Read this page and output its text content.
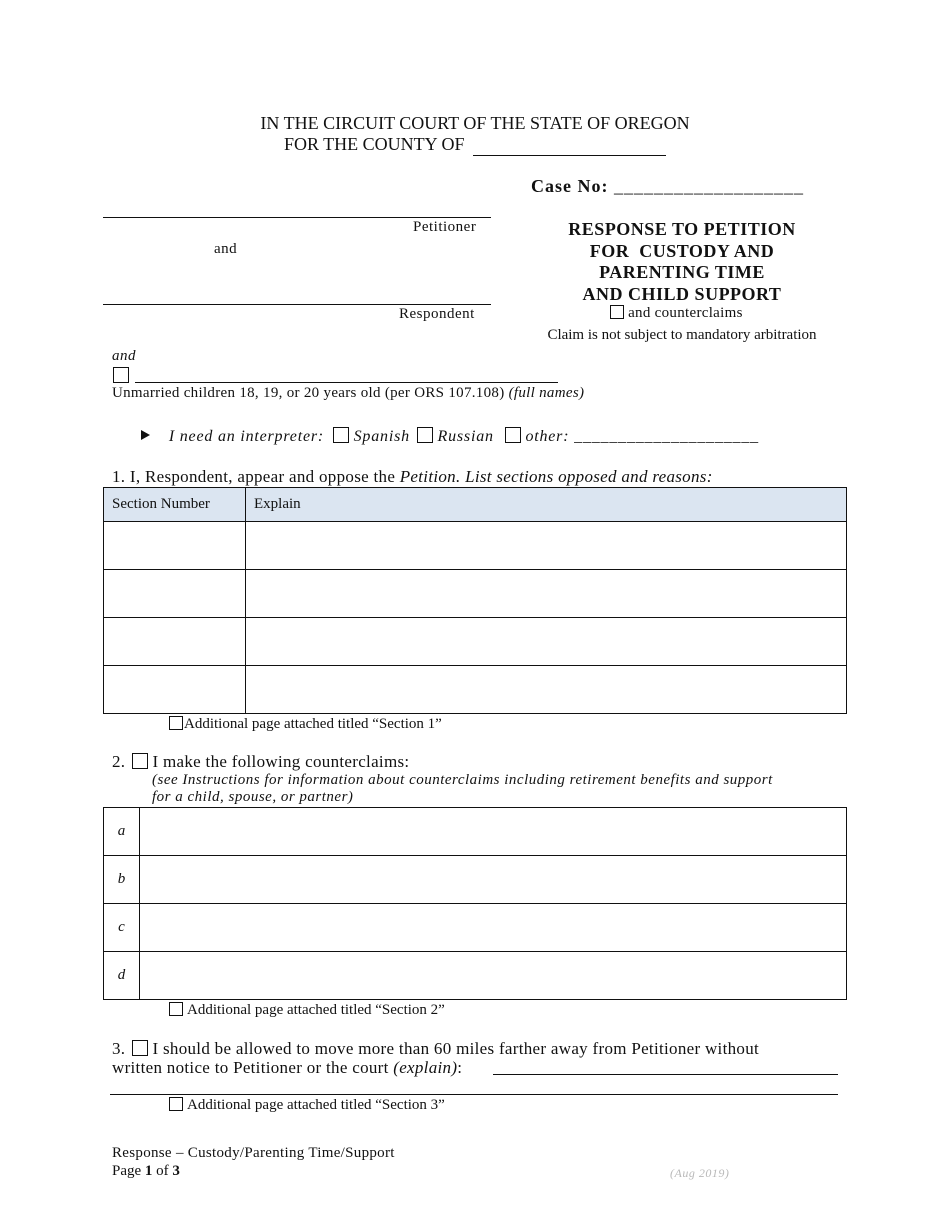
IN THE CIRCUIT COURT OF THE STATE OF OREGON
FOR THE COUNTY OF
Case No: ___________________
Petitioner
and
Respondent
RESPONSE TO PETITION
FOR  CUSTODY AND
PARENTING TIME
AND CHILD SUPPORT
and counterclaims
Claim is not subject to mandatory arbitration
and
Unmarried children 18, 19, or 20 years old (per ORS 107.108) (full names)
I need an interpreter: Spanish Russian other: _____________________
1. I, Respondent, appear and oppose the Petition. List sections opposed and reasons:
Section Number	Explain

Additional page attached titled “Section 1”
2. I make the following counterclaims:
(see Instructions for information about counterclaims including retirement benefits and support
for a child, spouse, or partner)
a	
b	
c	
d	
Additional page attached titled “Section 2”
3. I should be allowed to move more than 60 miles farther away from Petitioner without
written notice to Petitioner or the court (explain):
Additional page attached titled “Section 3”
Response – Custody/Parenting Time/Support
Page 1 of 3	(Aug 2019)
